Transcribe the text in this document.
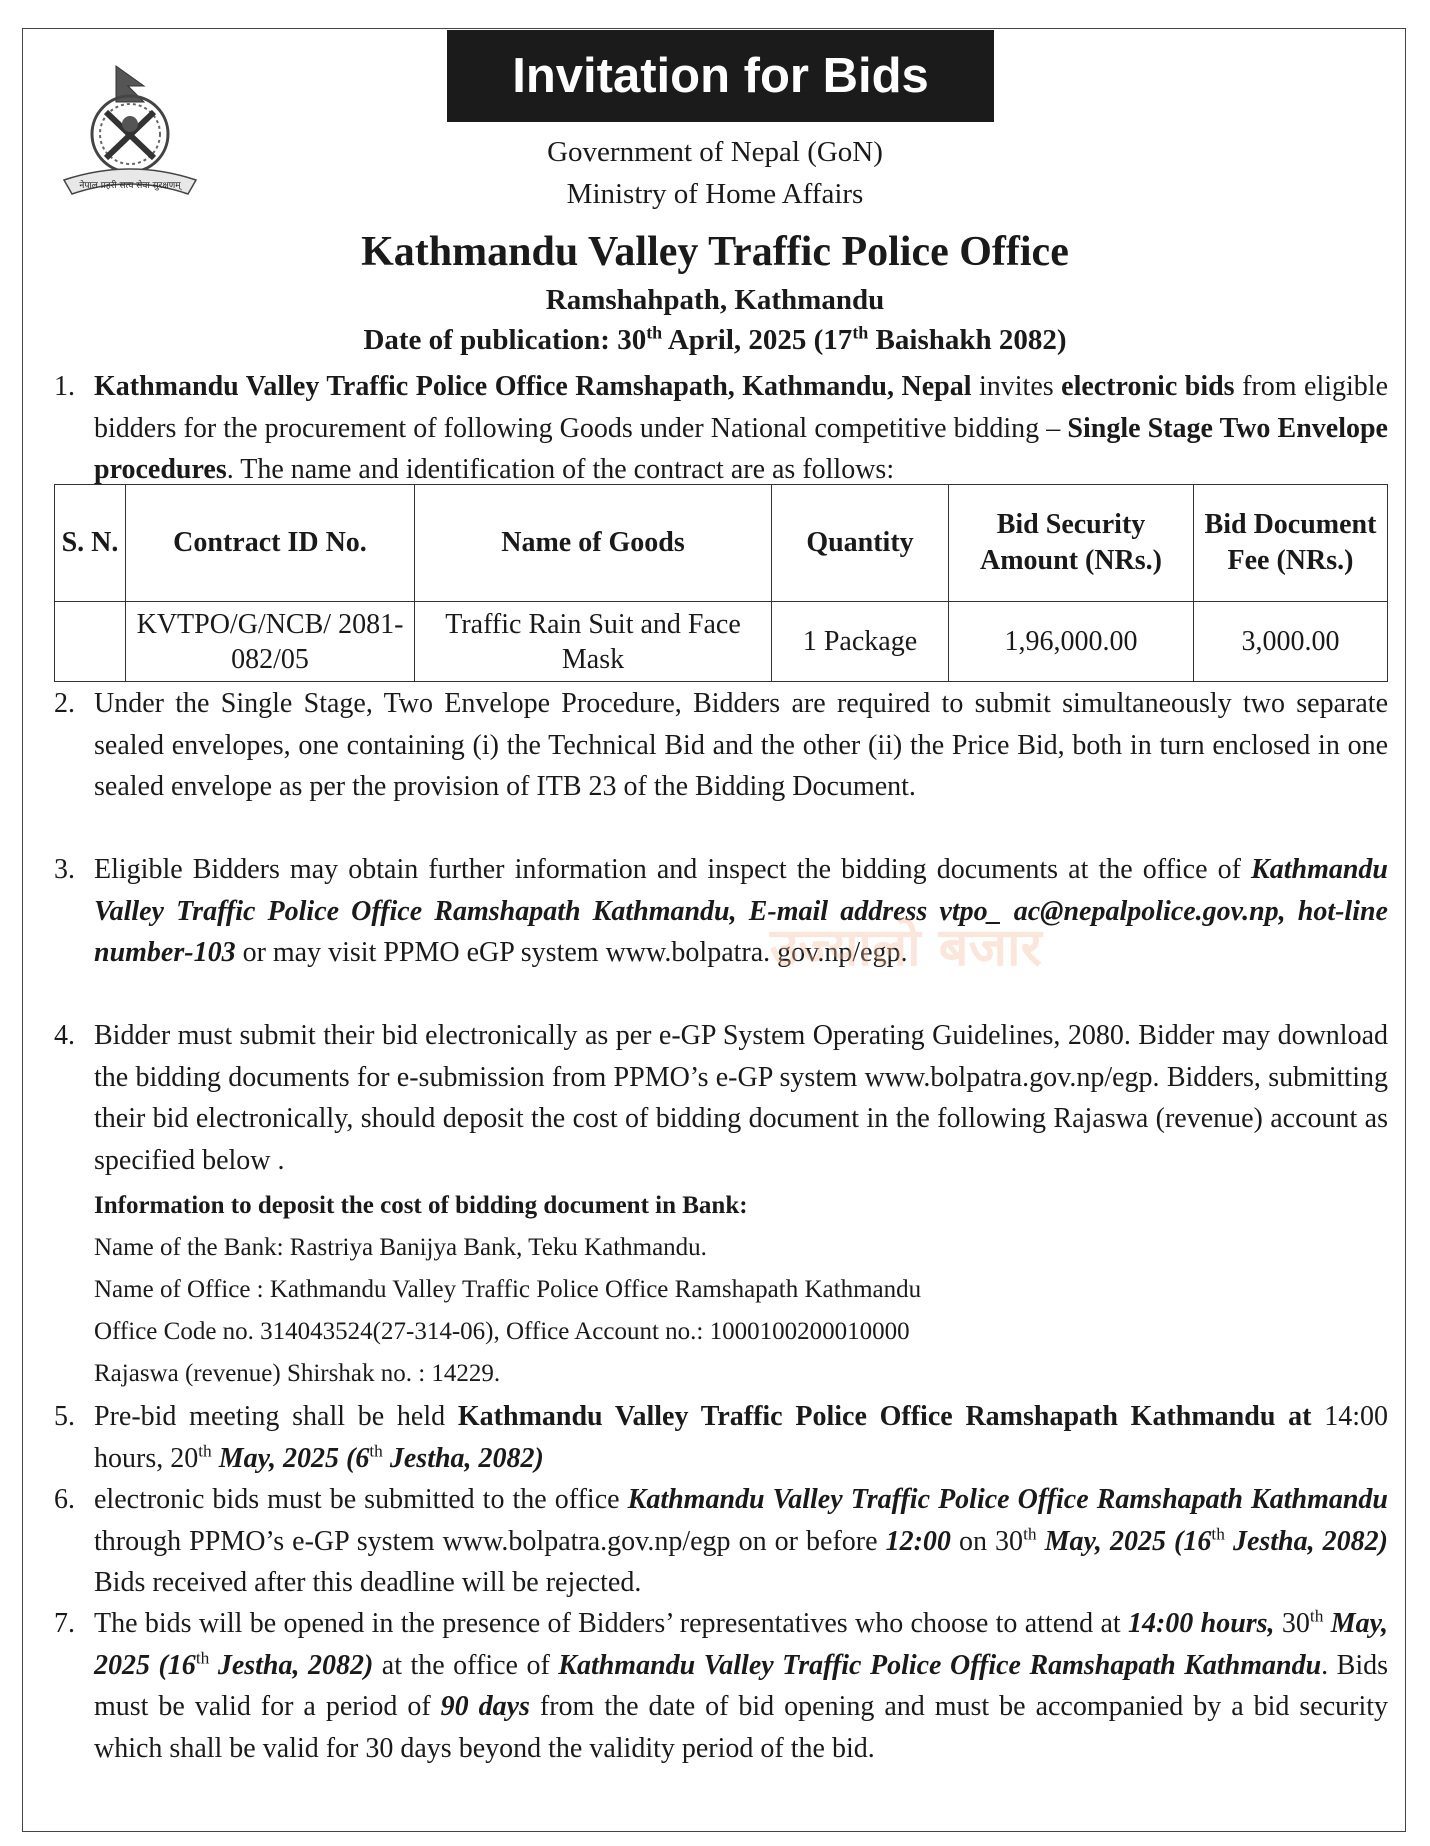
नेपाल प्रहरी सत्य सेवा सुरक्षणम्
Invitation for Bids
Government of Nepal (GoN)
Ministry of Home Affairs
Kathmandu Valley Traffic Police Office
Ramshahpath, Kathmandu
Date of publication: 30th April, 2025 (17th Baishakh 2082)
1. Kathmandu Valley Traffic Police Office Ramshapath, Kathmandu, Nepal invites electronic bids from eligible bidders for the procurement of following Goods under National competitive bidding – Single Stage Two Envelope procedures. The name and identification of the contract are as follows:
S. N.	Contract ID No.	Name of Goods	Quantity	Bid Security Amount (NRs.)	Bid Document Fee (NRs.)
	KVTPO/G/NCB/ 2081-082/05	Traffic Rain Suit and Face Mask	1 Package	1,96,000.00	3,000.00
2. Under the Single Stage, Two Envelope Procedure, Bidders are required to submit simultaneously two separate sealed envelopes, one containing (i) the Technical Bid and the other (ii) the Price Bid, both in turn enclosed in one sealed envelope as per the provision of ITB 23 of the Bidding Document.
3. Eligible Bidders may obtain further information and inspect the bidding documents at the office of Kathmandu Valley Traffic Police Office Ramshapath Kathmandu, E-mail address vtpo_ ac@nepalpolice.gov.np, hot-line number-103 or may visit PPMO eGP system www.bolpatra. gov.np/egp.
उज्यालो बजार
4. Bidder must submit their bid electronically as per e-GP System Operating Guidelines, 2080. Bidder may download the bidding documents for e-submission from PPMO’s e-GP system www.bolpatra.gov.np/egp. Bidders, submitting their bid electronically, should deposit the cost of bidding document in the following Rajaswa (revenue) account as specified below .
Information to deposit the cost of bidding document in Bank:
Name of the Bank: Rastriya Banijya Bank, Teku Kathmandu.
Name of Office : Kathmandu Valley Traffic Police Office Ramshapath Kathmandu
Office Code no. 314043524(27-314-06), Office Account no.: 1000100200010000
Rajaswa (revenue) Shirshak no. : 14229.
5. Pre-bid meeting shall be held Kathmandu Valley Traffic Police Office Ramshapath Kathmandu at 14:00 hours, 20th May, 2025 (6th Jestha, 2082)
6. electronic bids must be submitted to the office Kathmandu Valley Traffic Police Office Ramshapath Kathmandu through PPMO’s e-GP system www.bolpatra.gov.np/egp on or before 12:00 on 30th May, 2025 (16th Jestha, 2082) Bids received after this deadline will be rejected.
7. The bids will be opened in the presence of Bidders’ representatives who choose to attend at 14:00 hours, 30th May, 2025 (16th Jestha, 2082) at the office of Kathmandu Valley Traffic Police Office Ramshapath Kathmandu. Bids must be valid for a period of 90 days from the date of bid opening and must be accompanied by a bid security which shall be valid for 30 days beyond the validity period of the bid.
